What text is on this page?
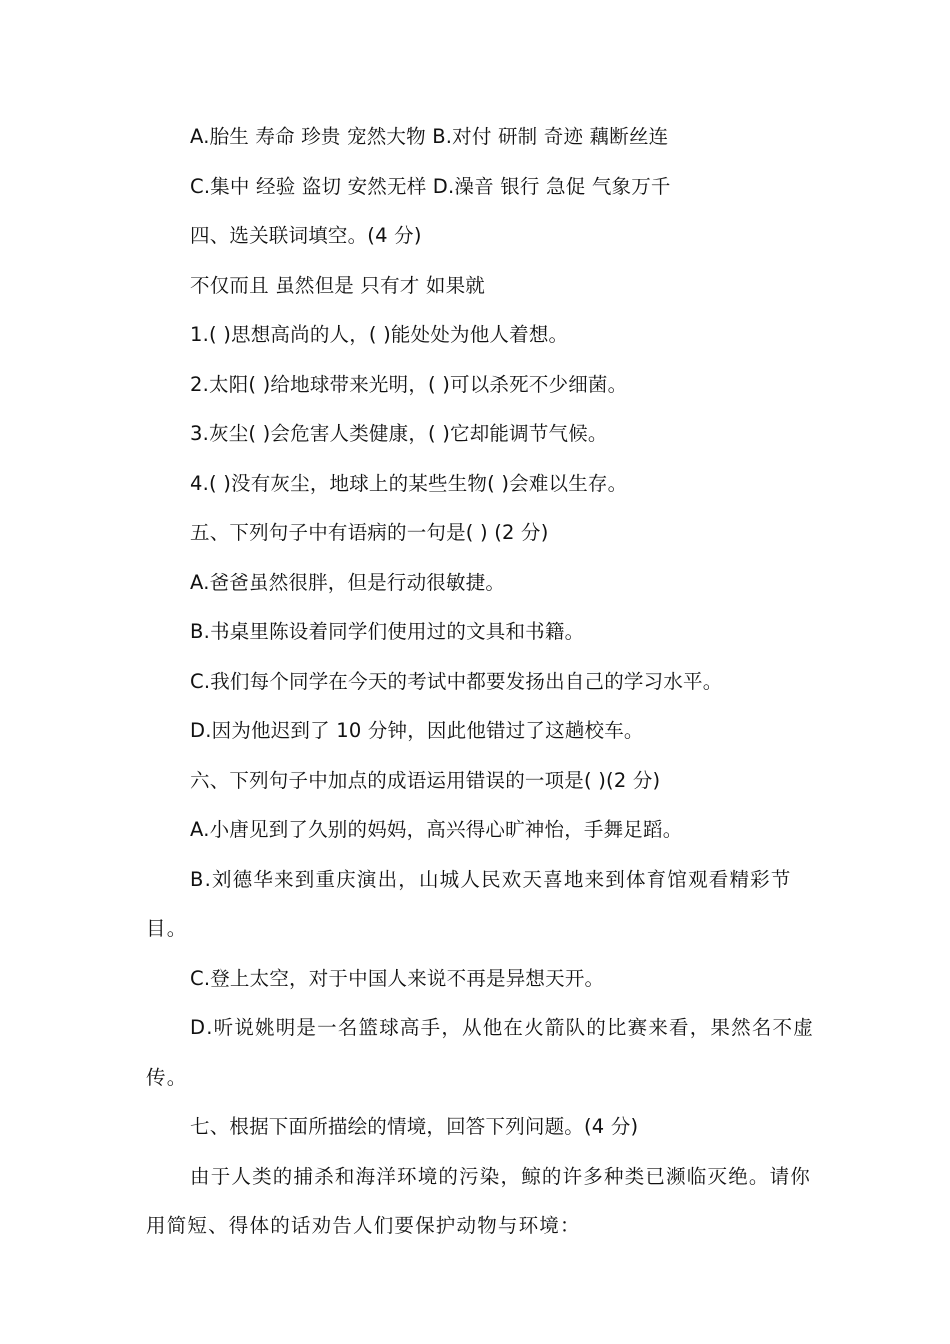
A.胎生 寿命 珍贵 宠然大物 B.对付 研制 奇迹 藕断丝连
C.集中 经验 盗切 安然无样 D.澡音 银行 急促 气象万千
四、选关联词填空。(4 分)
不仅而且 虽然但是 只有才 如果就
1.( )思想高尚的人，( )能处处为他人着想。
2.太阳( )给地球带来光明，( )可以杀死不少细菌。
3.灰尘( )会危害人类健康，( )它却能调节气候。
4.( )没有灰尘，地球上的某些生物( )会难以生存。
五、下列句子中有语病的一句是( ) (2 分)
A.爸爸虽然很胖，但是行动很敏捷。
B.书桌里陈设着同学们使用过的文具和书籍。
C.我们每个同学在今天的考试中都要发扬出自己的学习水平。
D.因为他迟到了 10 分钟，因此他错过了这趟校车。
六、下列句子中加点的成语运用错误的一项是( )(2 分)
A.小唐见到了久别的妈妈，高兴得心旷神怡，手舞足蹈。
B.刘德华来到重庆演出，山城人民欢天喜地来到体育馆观看精彩节目。
C.登上太空，对于中国人来说不再是异想天开。
D.听说姚明是一名篮球高手，从他在火箭队的比赛来看，果然名不虚传。
七、根据下面所描绘的情境，回答下列问题。(4 分)
由于人类的捕杀和海洋环境的污染，鲸的许多种类已濒临灭绝。请你用简短、得体的话劝告人们要保护动物与环境：
